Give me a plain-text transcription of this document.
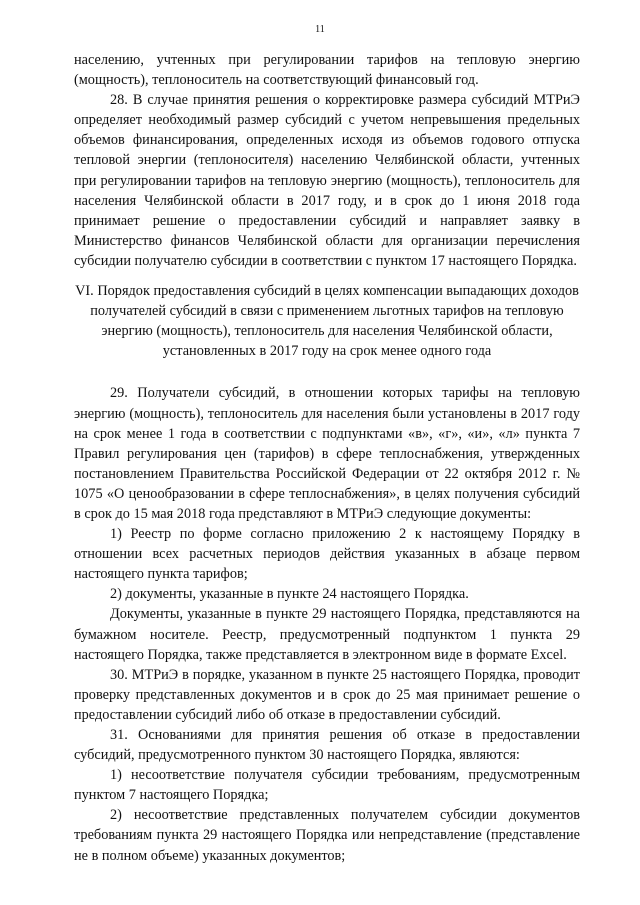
11

населению, учтенных при регулировании тарифов на тепловую энергию (мощность), теплоноситель на соответствующий финансовый год.

28. В случае принятия решения о корректировке размера субсидий МТРиЭ определяет необходимый размер субсидий с учетом непревышения предельных объемов финансирования, определенных исходя из объемов годового отпуска тепловой энергии (теплоносителя) населению Челябинской области, учтенных при регулировании тарифов на тепловую энергию (мощность), теплоноситель для населения Челябинской области в 2017 году, и в срок до 1 июня 2018 года принимает решение о предоставлении субсидий и направляет заявку в Министерство финансов Челябинской области для организации перечисления субсидии получателю субсидии в соответствии с пунктом 17 настоящего Порядка.

VI. Порядок предоставления субсидий в целях компенсации выпадающих доходов получателей субсидий в связи с применением льготных тарифов на тепловую энергию (мощность), теплоноситель для населения Челябинской области, установленных в 2017 году на срок менее одного года

29. Получатели субсидий, в отношении которых тарифы на тепловую энергию (мощность), теплоноситель для населения были установлены в 2017 году на срок менее 1 года в соответствии с подпунктами «в», «г», «и», «л» пункта 7 Правил регулирования цен (тарифов) в сфере теплоснабжения, утвержденных постановлением Правительства Российской Федерации от 22 октября 2012 г. № 1075 «О ценообразовании в сфере теплоснабжения», в целях получения субсидий в срок до 15 мая 2018 года представляют в МТРиЭ следующие документы:

1) Реестр по форме согласно приложению 2 к настоящему Порядку в отношении всех расчетных периодов действия указанных в абзаце первом настоящего пункта тарифов;

2) документы, указанные в пункте 24 настоящего Порядка.

Документы, указанные в пункте 29 настоящего Порядка, представляются на бумажном носителе. Реестр, предусмотренный подпунктом 1 пункта 29 настоящего Порядка, также представляется в электронном виде в формате Excel.

30. МТРиЭ в порядке, указанном в пункте 25 настоящего Порядка, проводит проверку представленных документов и в срок до 25 мая принимает решение о предоставлении субсидий либо об отказе в предоставлении субсидий.

31. Основаниями для принятия решения об отказе в предоставлении субсидий, предусмотренного пунктом 30 настоящего Порядка, являются:

1) несоответствие получателя субсидии требованиям, предусмотренным пунктом 7 настоящего Порядка;

2) несоответствие представленных получателем субсидии документов требованиям пункта 29 настоящего Порядка или непредставление (представление не в полном объеме) указанных документов;
